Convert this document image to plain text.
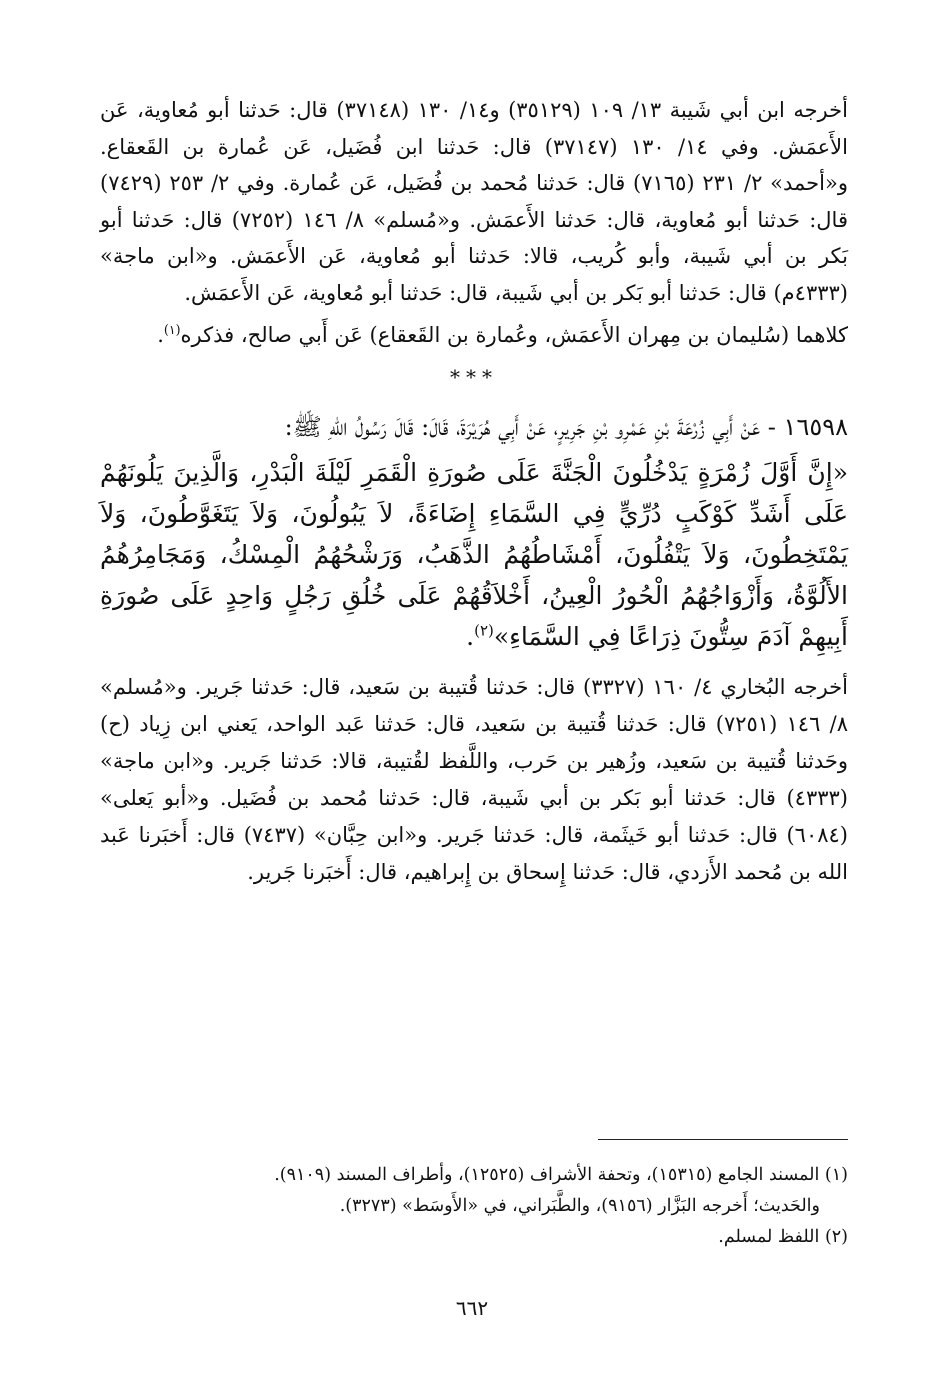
أخرجه ابن أبي شَيبة ١٣/ ١٠٩ (٣٥١٢٩) و١٤/ ١٣٠ (٣٧١٤٨) قال: حَدثنا أبو مُعاوية، عَن الأَعمَش. وفي ١٤/ ١٣٠ (٣٧١٤٧) قال: حَدثنا ابن فُضَيل، عَن عُمارة بن القَعقاع. و«أحمد» ٢/ ٢٣١ (٧١٦٥) قال: حَدثنا مُحمد بن فُضَيل، عَن عُمارة. وفي ٢/ ٢٥٣ (٧٤٢٩) قال: حَدثنا أبو مُعاوية، قال: حَدثنا الأَعمَش. و«مُسلم» ٨/ ١٤٦ (٧٢٥٢) قال: حَدثنا أبو بَكر بن أبي شَيبة، وأبو كُريب، قالا: حَدثنا أبو مُعاوية، عَن الأَعمَش. و«ابن ماجة» (٤٣٣٣م) قال: حَدثنا أبو بَكر بن أبي شَيبة، قال: حَدثنا أبو مُعاوية، عَن الأَعمَش.

كلاهما (سُليمان بن مِهران الأَعمَش، وعُمارة بن القَعقاع) عَن أَبي صالح، فذكره$^{(١)}$.

***

١٦٥٩٨ - عَنْ أَبِي زُرْعَةَ بْنِ عَمْرِو بْنِ جَرِيرٍ، عَنْ أَبِي هُرَيْرَةَ، قَالَ: قَالَ رَسُولُ اللهِ ﷺ:

«إِنَّ أَوَّلَ زُمْرَةٍ يَدْخُلُونَ الْجَنَّةَ عَلَى صُورَةِ الْقَمَرِ لَيْلَةَ الْبَدْرِ، وَالَّذِينَ يَلُونَهُمْ عَلَى أَشَدِّ كَوْكَبٍ دُرِّيٍّ فِي السَّمَاءِ إِضَاءَةً، لاَ يَبُولُونَ، وَلاَ يَتَغَوَّطُونَ، وَلاَ يَمْتَخِطُونَ، وَلاَ يَتْفُلُونَ، أَمْشَاطُهُمُ الذَّهَبُ، وَرَشْحُهُمُ الْمِسْكُ، وَمَجَامِرُهُمُ الأَلُوَّةُ، وَأَزْوَاجُهُمُ الْحُورُ الْعِينُ، أَخْلاَقُهُمْ عَلَى خُلُقِ رَجُلٍ وَاحِدٍ عَلَى صُورَةِ أَبِيهِمْ آدَمَ سِتُّونَ ذِرَاعًا فِي السَّمَاءِ»$^{(٢)}$.

أخرجه البُخاري ٤/ ١٦٠ (٣٣٢٧) قال: حَدثنا قُتيبة بن سَعيد، قال: حَدثنا جَرير. و«مُسلم» ٨/ ١٤٦ (٧٢٥١) قال: حَدثنا قُتيبة بن سَعيد، قال: حَدثنا عَبد الواحد، يَعني ابن زِياد (ح) وحَدثنا قُتيبة بن سَعيد، وزُهير بن حَرب، واللَّفظ لقُتيبة، قالا: حَدثنا جَرير. و«ابن ماجة» (٤٣٣٣) قال: حَدثنا أبو بَكر بن أبي شَيبة، قال: حَدثنا مُحمد بن فُضَيل. و«أبو يَعلى» (٦٠٨٤) قال: حَدثنا أبو خَيثَمة، قال: حَدثنا جَرير. و«ابن حِبَّان» (٧٤٣٧) قال: أَخبَرنا عَبد الله بن مُحمد الأَزدي، قال: حَدثنا إِسحاق بن إِبراهيم، قال: أَخبَرنا جَرير.

(١) المسند الجامع (١٥٣١٥)، وتحفة الأشراف (١٢٥٢٥)، وأطراف المسند (٩١٠٩).

والحَديث؛ أَخرجه البَزَّار (٩١٥٦)، والطَّبَراني، في «الأَوسَط» (٣٢٧٣).

(٢) اللفظ لمسلم.

٦٦٢
